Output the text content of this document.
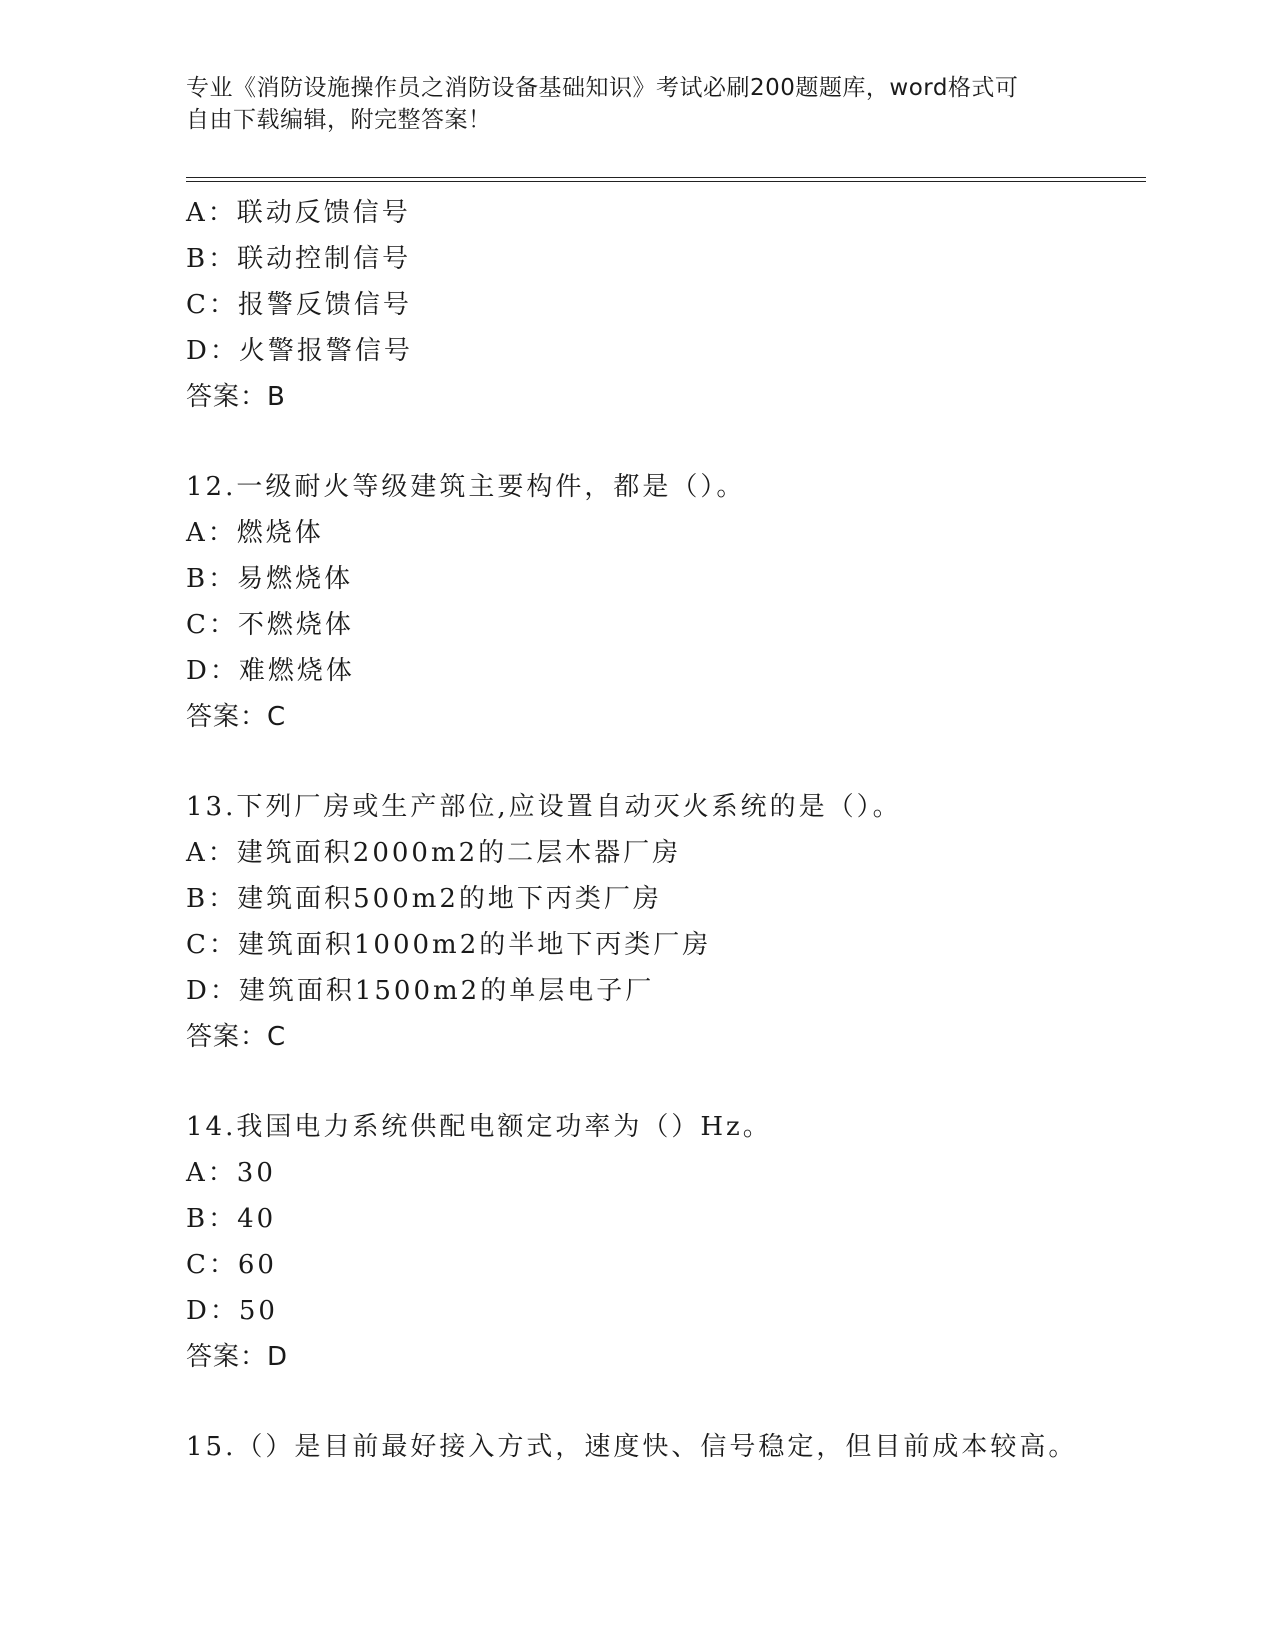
专业《消防设施操作员之消防设备基础知识》考试必刷200题题库，word格式可
自由下载编辑，附完整答案！
A：联动反馈信号
B：联动控制信号
C：报警反馈信号
D：火警报警信号
答案：B
12.一级耐火等级建筑主要构件，都是（）。
A：燃烧体
B：易燃烧体
C：不燃烧体
D：难燃烧体
答案：C
13.下列厂房或生产部位,应设置自动灭火系统的是（）。
A：建筑面积2000m2的二层木器厂房
B：建筑面积500m2的地下丙类厂房
C：建筑面积1000m2的半地下丙类厂房
D：建筑面积1500m2的单层电子厂
答案：C
14.我国电力系统供配电额定功率为（）Hz。
A：30
B：40
C：60
D：50
答案：D
15.（）是目前最好接入方式，速度快、信号稳定，但目前成本较高。
